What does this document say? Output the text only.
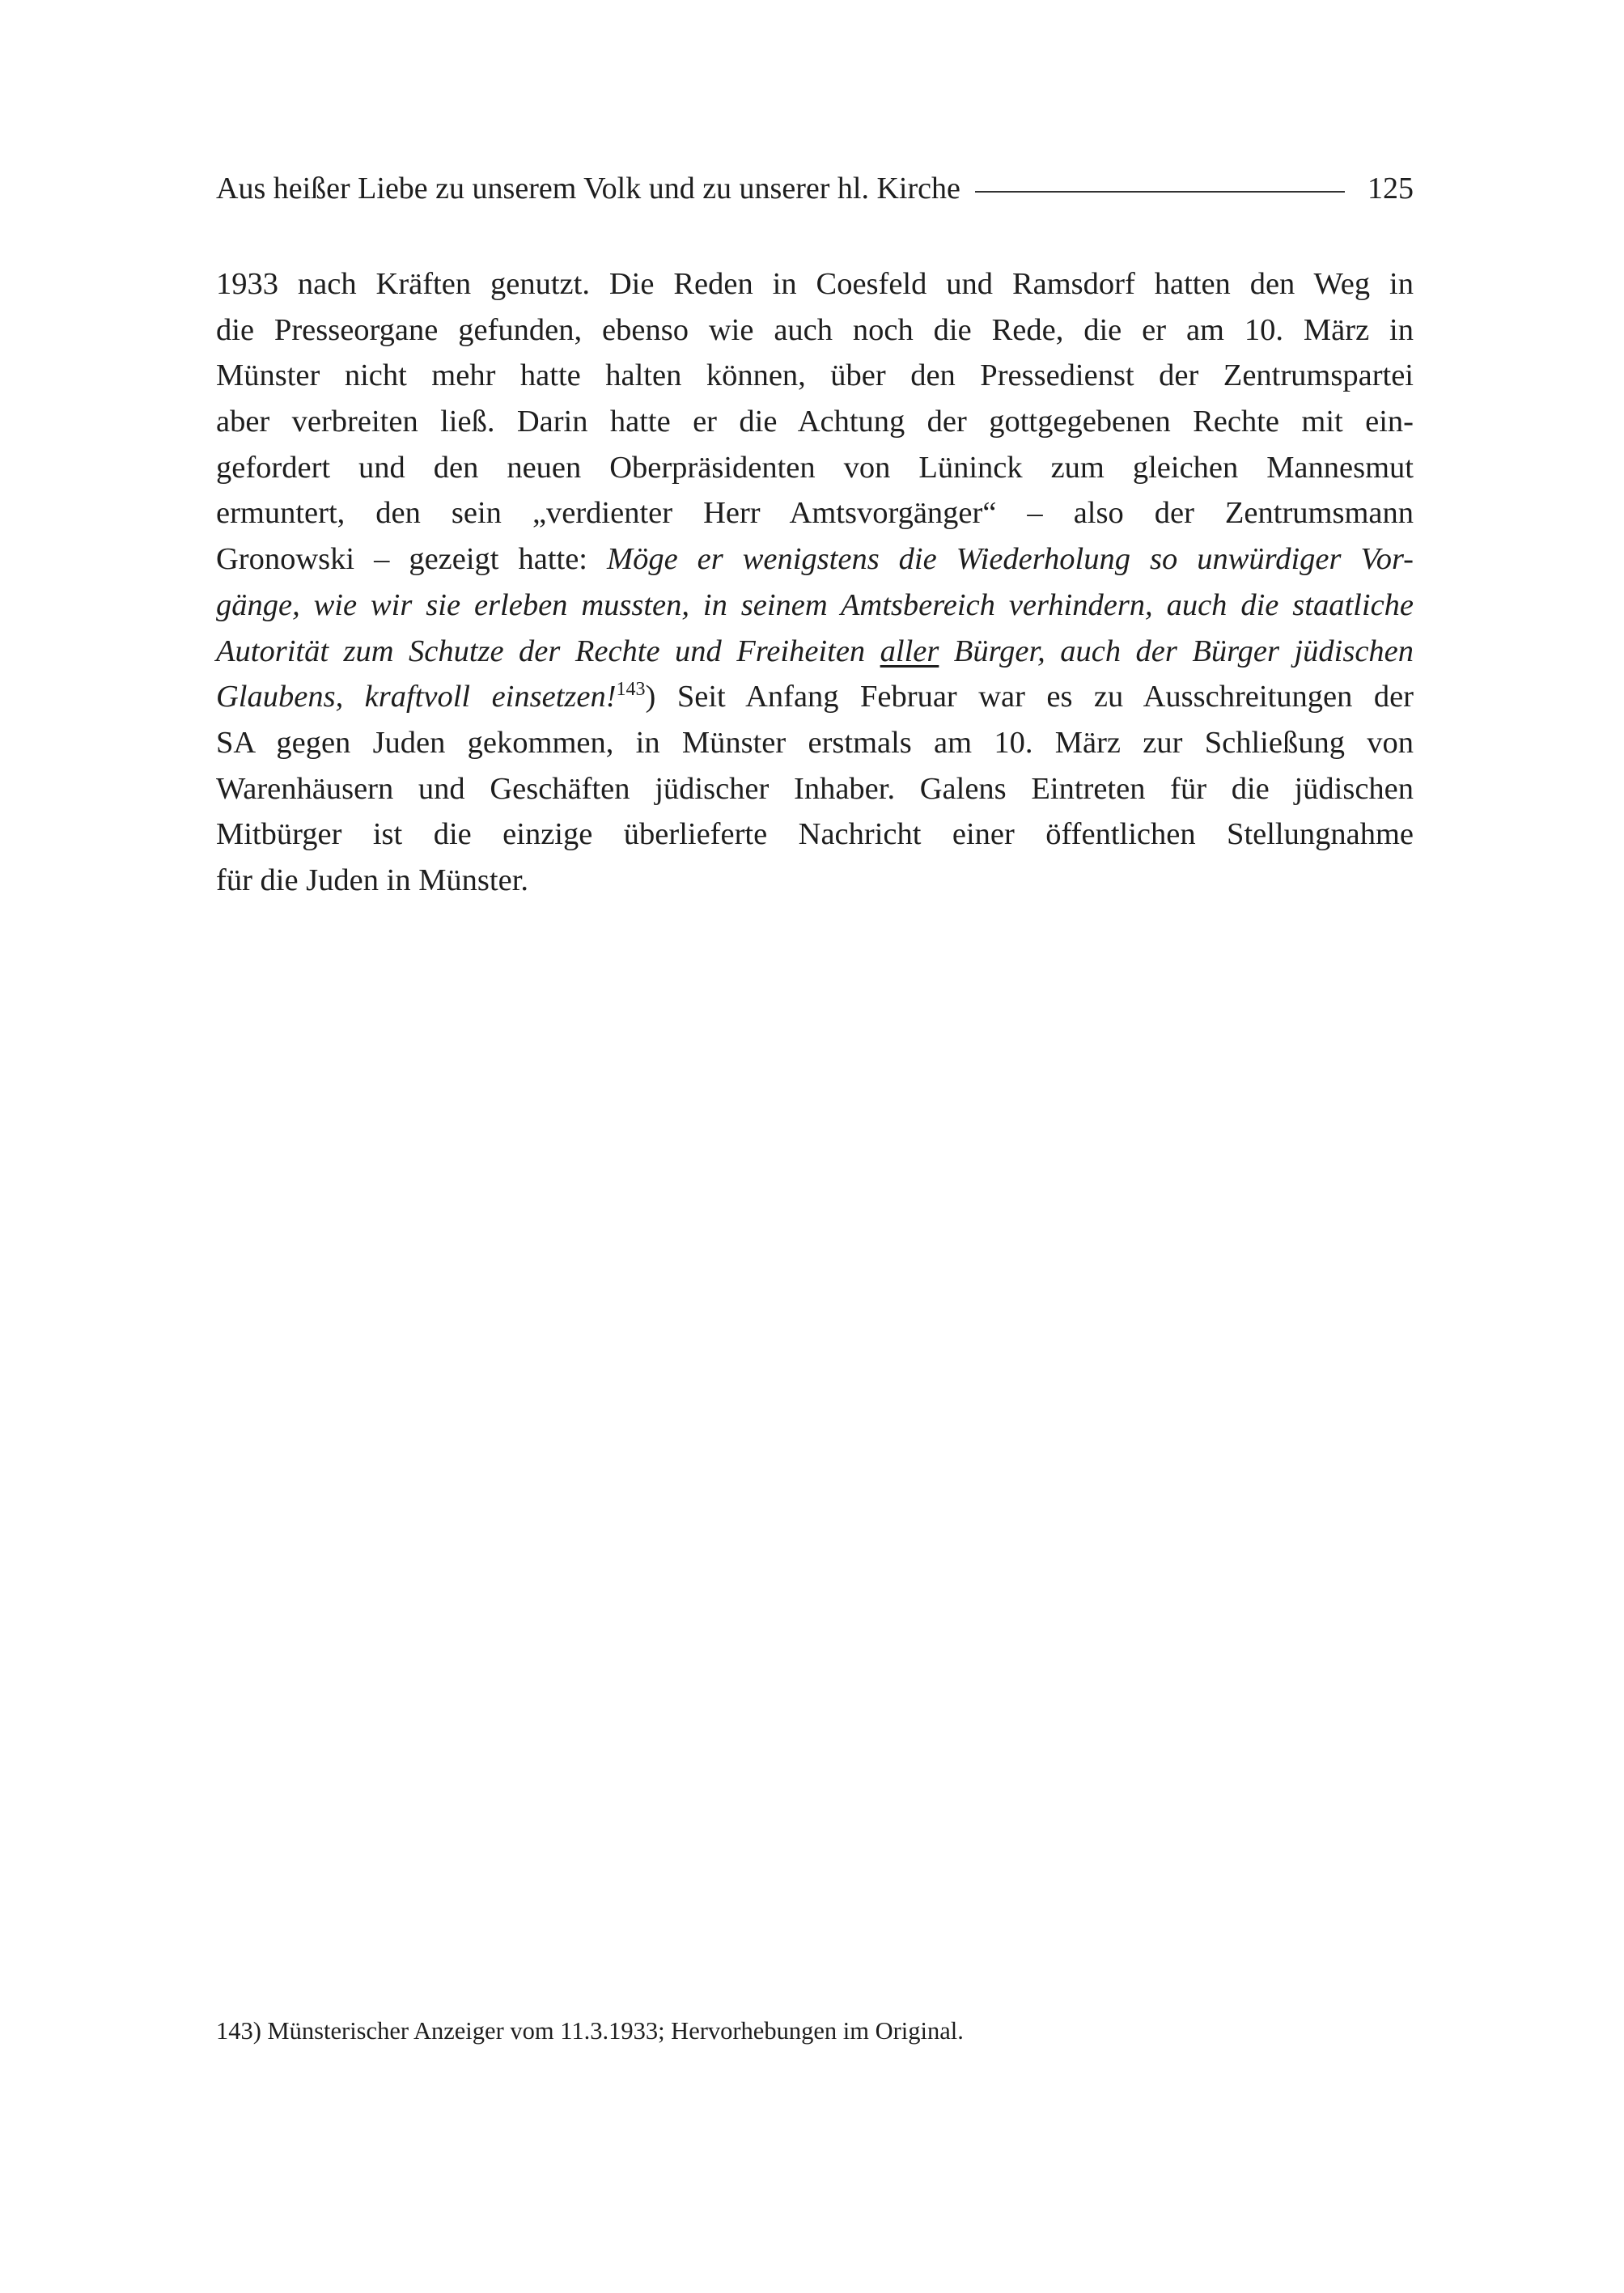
Aus heißer Liebe zu unserem Volk und zu unserer hl. Kirche	125
1933 nach Kräften genutzt. Die Reden in Coesfeld und Ramsdorf hatten den Weg in
die Presseorgane gefunden, ebenso wie auch noch die Rede, die er am 10. März in
Münster nicht mehr hatte halten können, über den Pressedienst der Zentrumspartei
aber verbreiten ließ. Darin hatte er die Achtung der gottgegebenen Rechte mit ein-
gefordert und den neuen Oberpräsidenten von Lüninck zum gleichen Mannesmut
ermuntert, den sein „verdienter Herr Amtsvorgänger“ – also der Zentrumsmann
Gronowski – gezeigt hatte: Möge er wenigstens die Wiederholung so unwürdiger Vor-
gänge, wie wir sie erleben mussten, in seinem Amtsbereich verhindern, auch die staatliche
Autorität zum Schutze der Rechte und Freiheiten aller Bürger, auch der Bürger jüdischen
Glaubens, kraftvoll einsetzen!$^{143}$) Seit Anfang Februar war es zu Ausschreitungen der
SA gegen Juden gekommen, in Münster erstmals am 10. März zur Schließung von
Warenhäusern und Geschäften jüdischer Inhaber. Galens Eintreten für die jüdischen
Mitbürger ist die einzige überlieferte Nachricht einer öffentlichen Stellungnahme
für die Juden in Münster.
143) Münsterischer Anzeiger vom 11.3.1933; Hervorhebungen im Original.
